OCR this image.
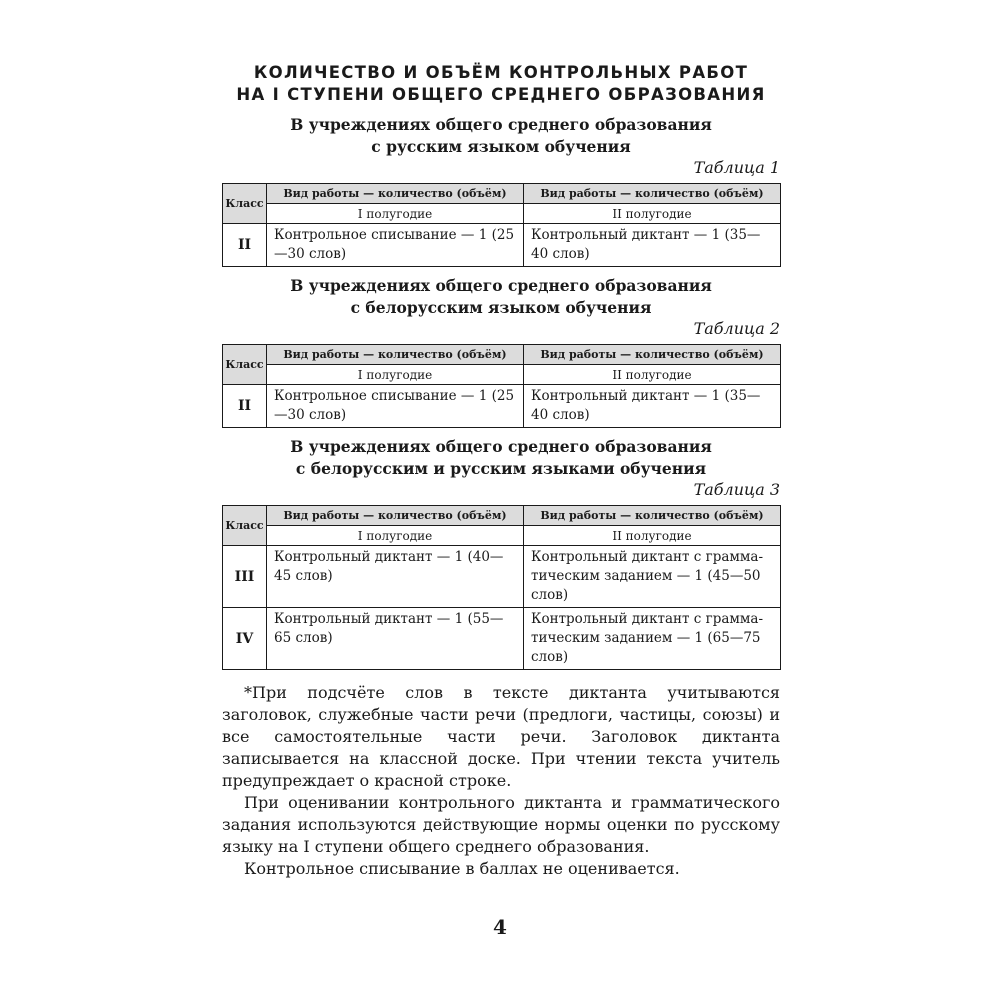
КОЛИЧЕСТВО И ОБЪЁМ КОНТРОЛЬНЫХ РАБОТ
НА I СТУПЕНИ ОБЩЕГО СРЕДНЕГО ОБРАЗОВАНИЯ
В учреждениях общего среднего образования
с русским языком обучения

Таблица 1

Класс	Вид работы — количество (объём)	Вид работы — количество (объём)
	I полугодие	II полугодие
II	Контрольное списывание — 1 (25—30 слов)	Контрольный диктант — 1 (35—40 слов)
В учреждениях общего среднего образования
с белорусским языком обучения

Таблица 2

Класс	Вид работы — количество (объём)	Вид работы — количество (объём)
	I полугодие	II полугодие
II	Контрольное списывание — 1 (25—30 слов)	Контрольный диктант — 1 (35—40 слов)
В учреждениях общего среднего образования
с белорусским и русским языками обучения

Таблица 3

Класс	Вид работы — количество (объём)	Вид работы — количество (объём)
	I полугодие	II полугодие
III	Контрольный диктант — 1 (40—45 слов)	Контрольный диктант с грамматическим заданием — 1 (45—50 слов)
IV	Контрольный диктант — 1 (55—65 слов)	Контрольный диктант с грамматическим заданием — 1 (65—75 слов)

*При подсчёте слов в тексте диктанта учитываются заголовок, служебные части речи (предлоги, частицы, союзы) и все самостоятельные части речи. Заголовок диктанта записывается на классной доске. При чтении текста учитель предупреждает о красной строке.

При оценивании контрольного диктанта и грамматического задания используются действующие нормы оценки по русскому языку на I ступени общего среднего образования.

Контрольное списывание в баллах не оценивается.

4
